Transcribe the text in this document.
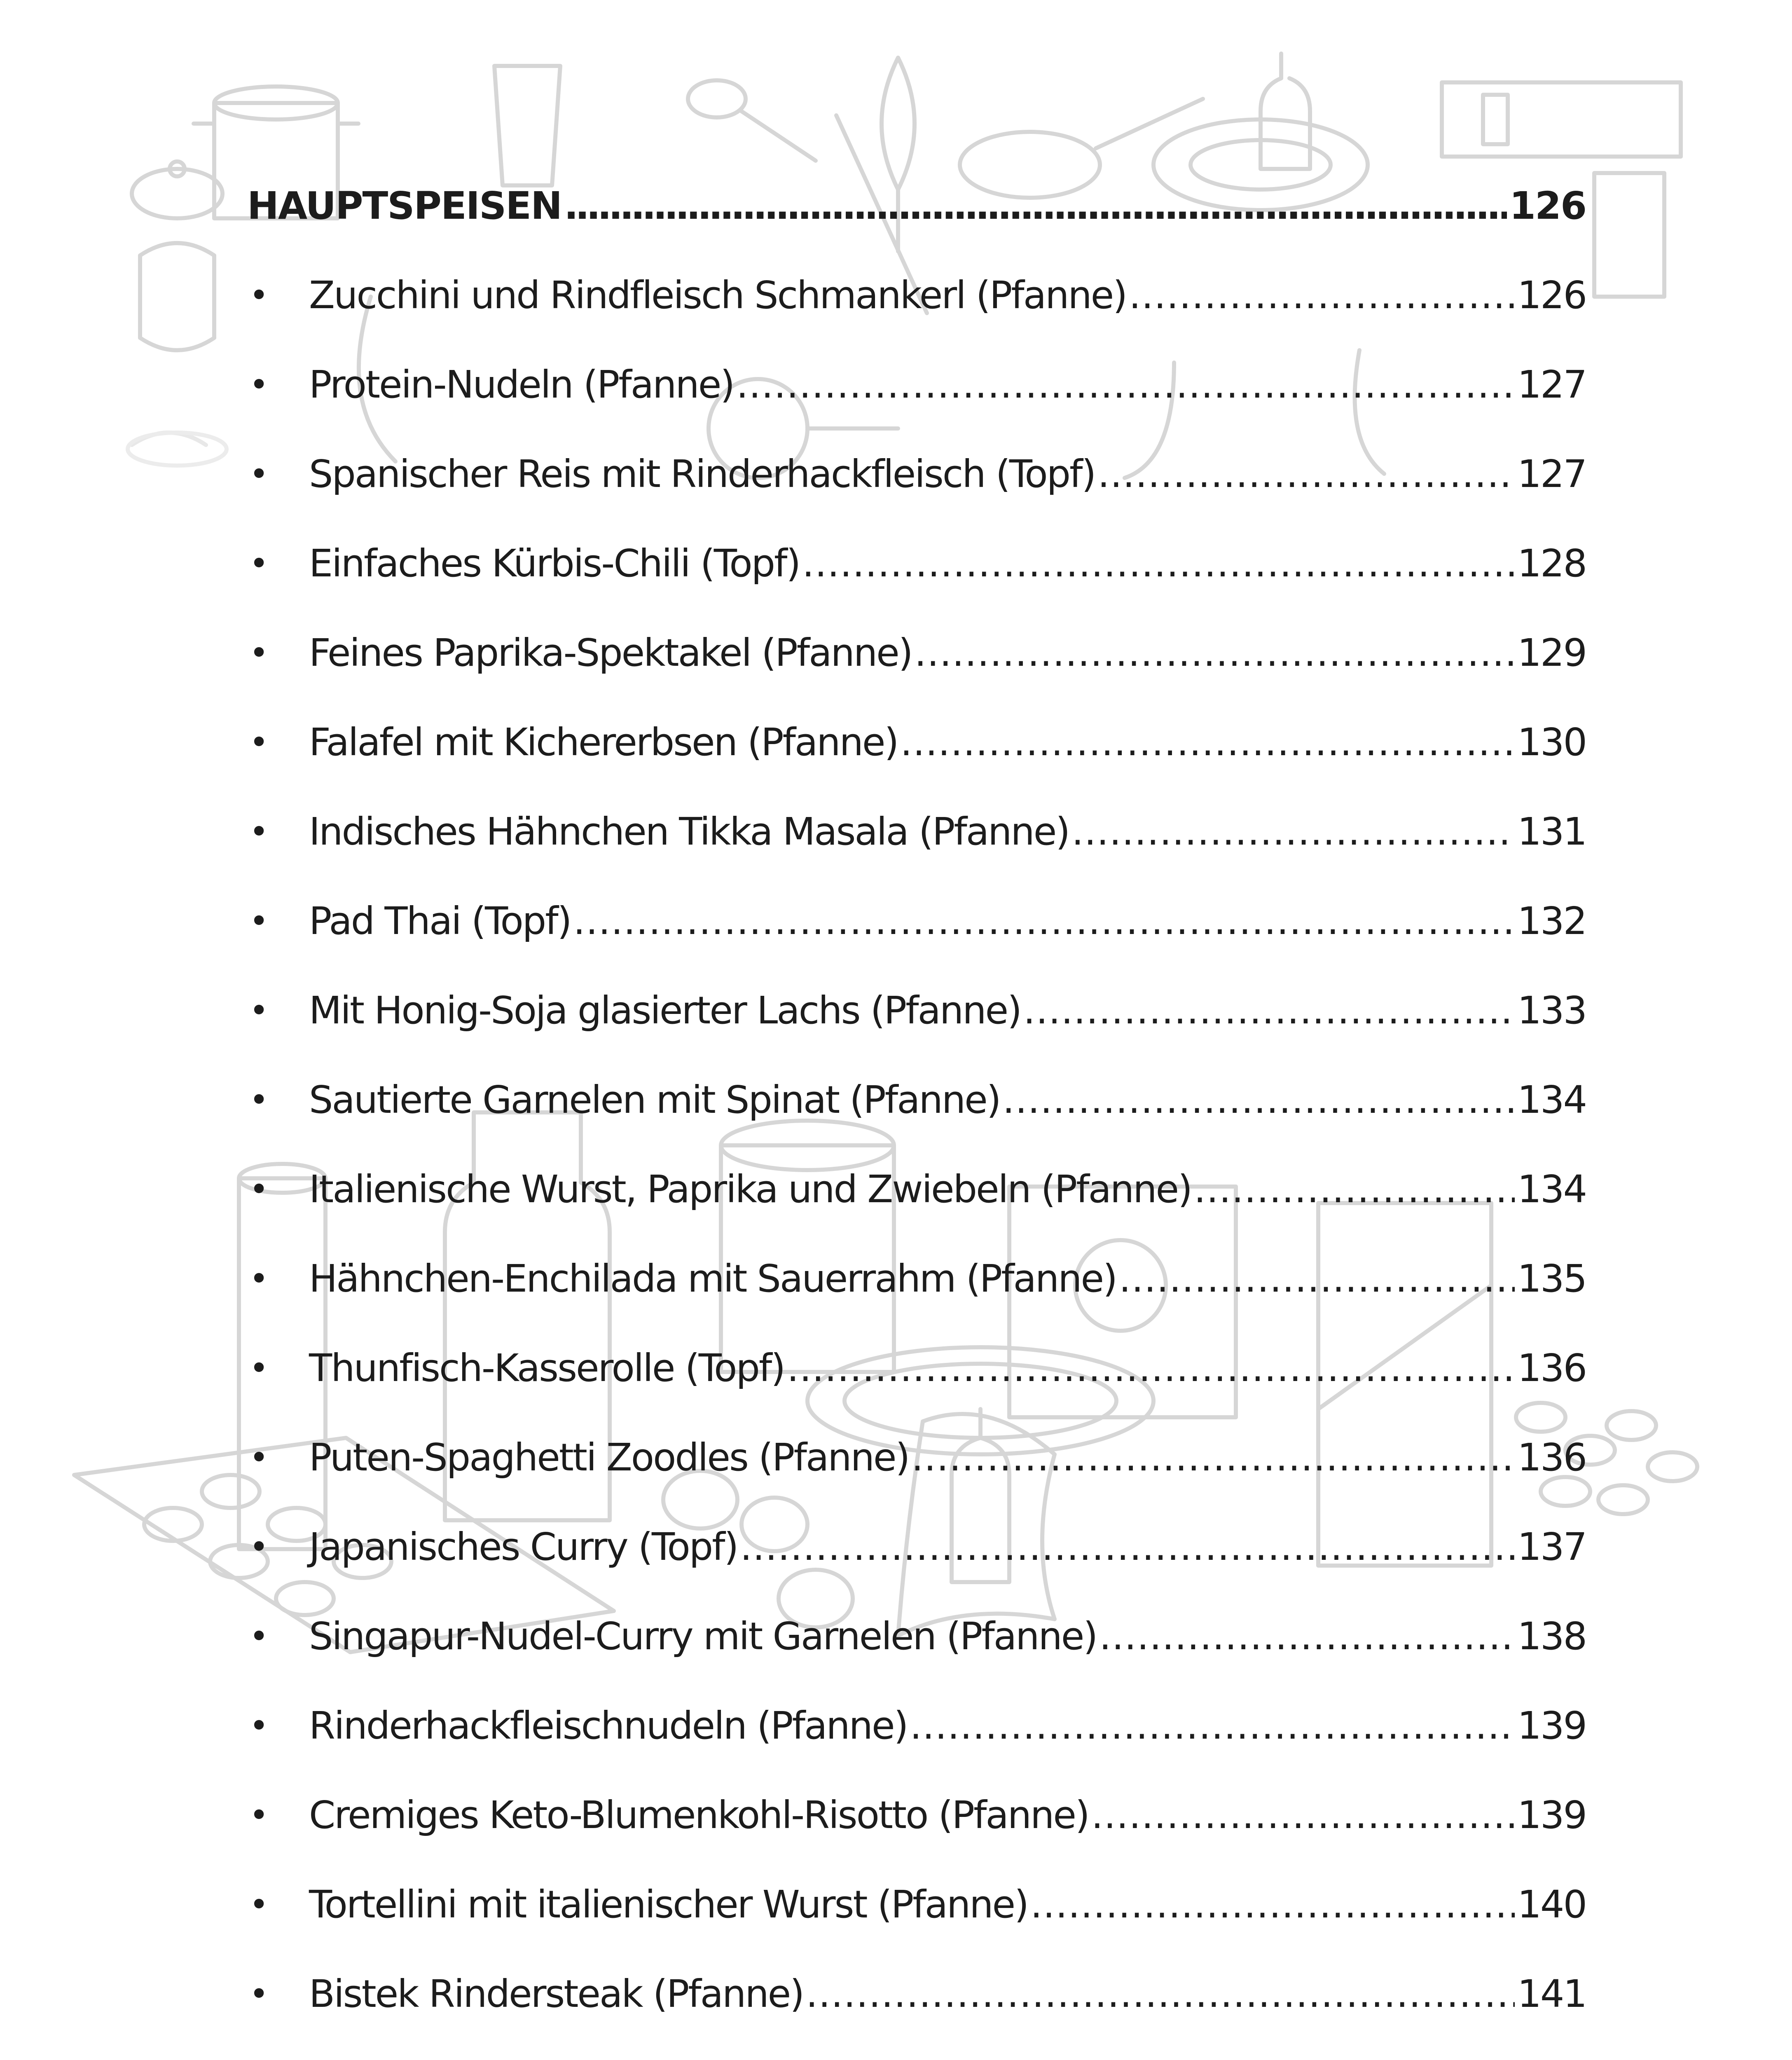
HAUPTSPEISEN . . .	126
•	Zucchini und Rindfleisch Schmankerl (Pfanne) . . .	126
•	Protein-Nudeln (Pfanne) . . .	127
•	Spanischer Reis mit Rinderhackfleisch (Topf) . . .	127
•	Einfaches Kürbis-Chili (Topf) . . .	128
•	Feines Paprika-Spektakel (Pfanne) . . .	129
•	Falafel mit Kichererbsen (Pfanne) . . .	130
•	Indisches Hähnchen Tikka Masala (Pfanne) . . .	131
•	Pad Thai (Topf) . . .	132
•	Mit Honig-Soja glasierter Lachs (Pfanne) . . .	133
•	Sautierte Garnelen mit Spinat (Pfanne) . . .	134
•	Italienische Wurst, Paprika und Zwiebeln (Pfanne) . . .	134
•	Hähnchen-Enchilada mit Sauerrahm (Pfanne) . . .	135
•	Thunfisch-Kasserolle (Topf) . . .	136
•	Puten-Spaghetti Zoodles (Pfanne) . . .	136
•	Japanisches Curry (Topf) . . .	137
•	Singapur-Nudel-Curry mit Garnelen (Pfanne) . . .	138
•	Rinderhackfleischnudeln (Pfanne) . . .	139
•	Cremiges Keto-Blumenkohl-Risotto (Pfanne) . . .	139
•	Tortellini mit italienischer Wurst (Pfanne) . . .	140
•	Bistek Rindersteak (Pfanne) . . .	141
. . .
